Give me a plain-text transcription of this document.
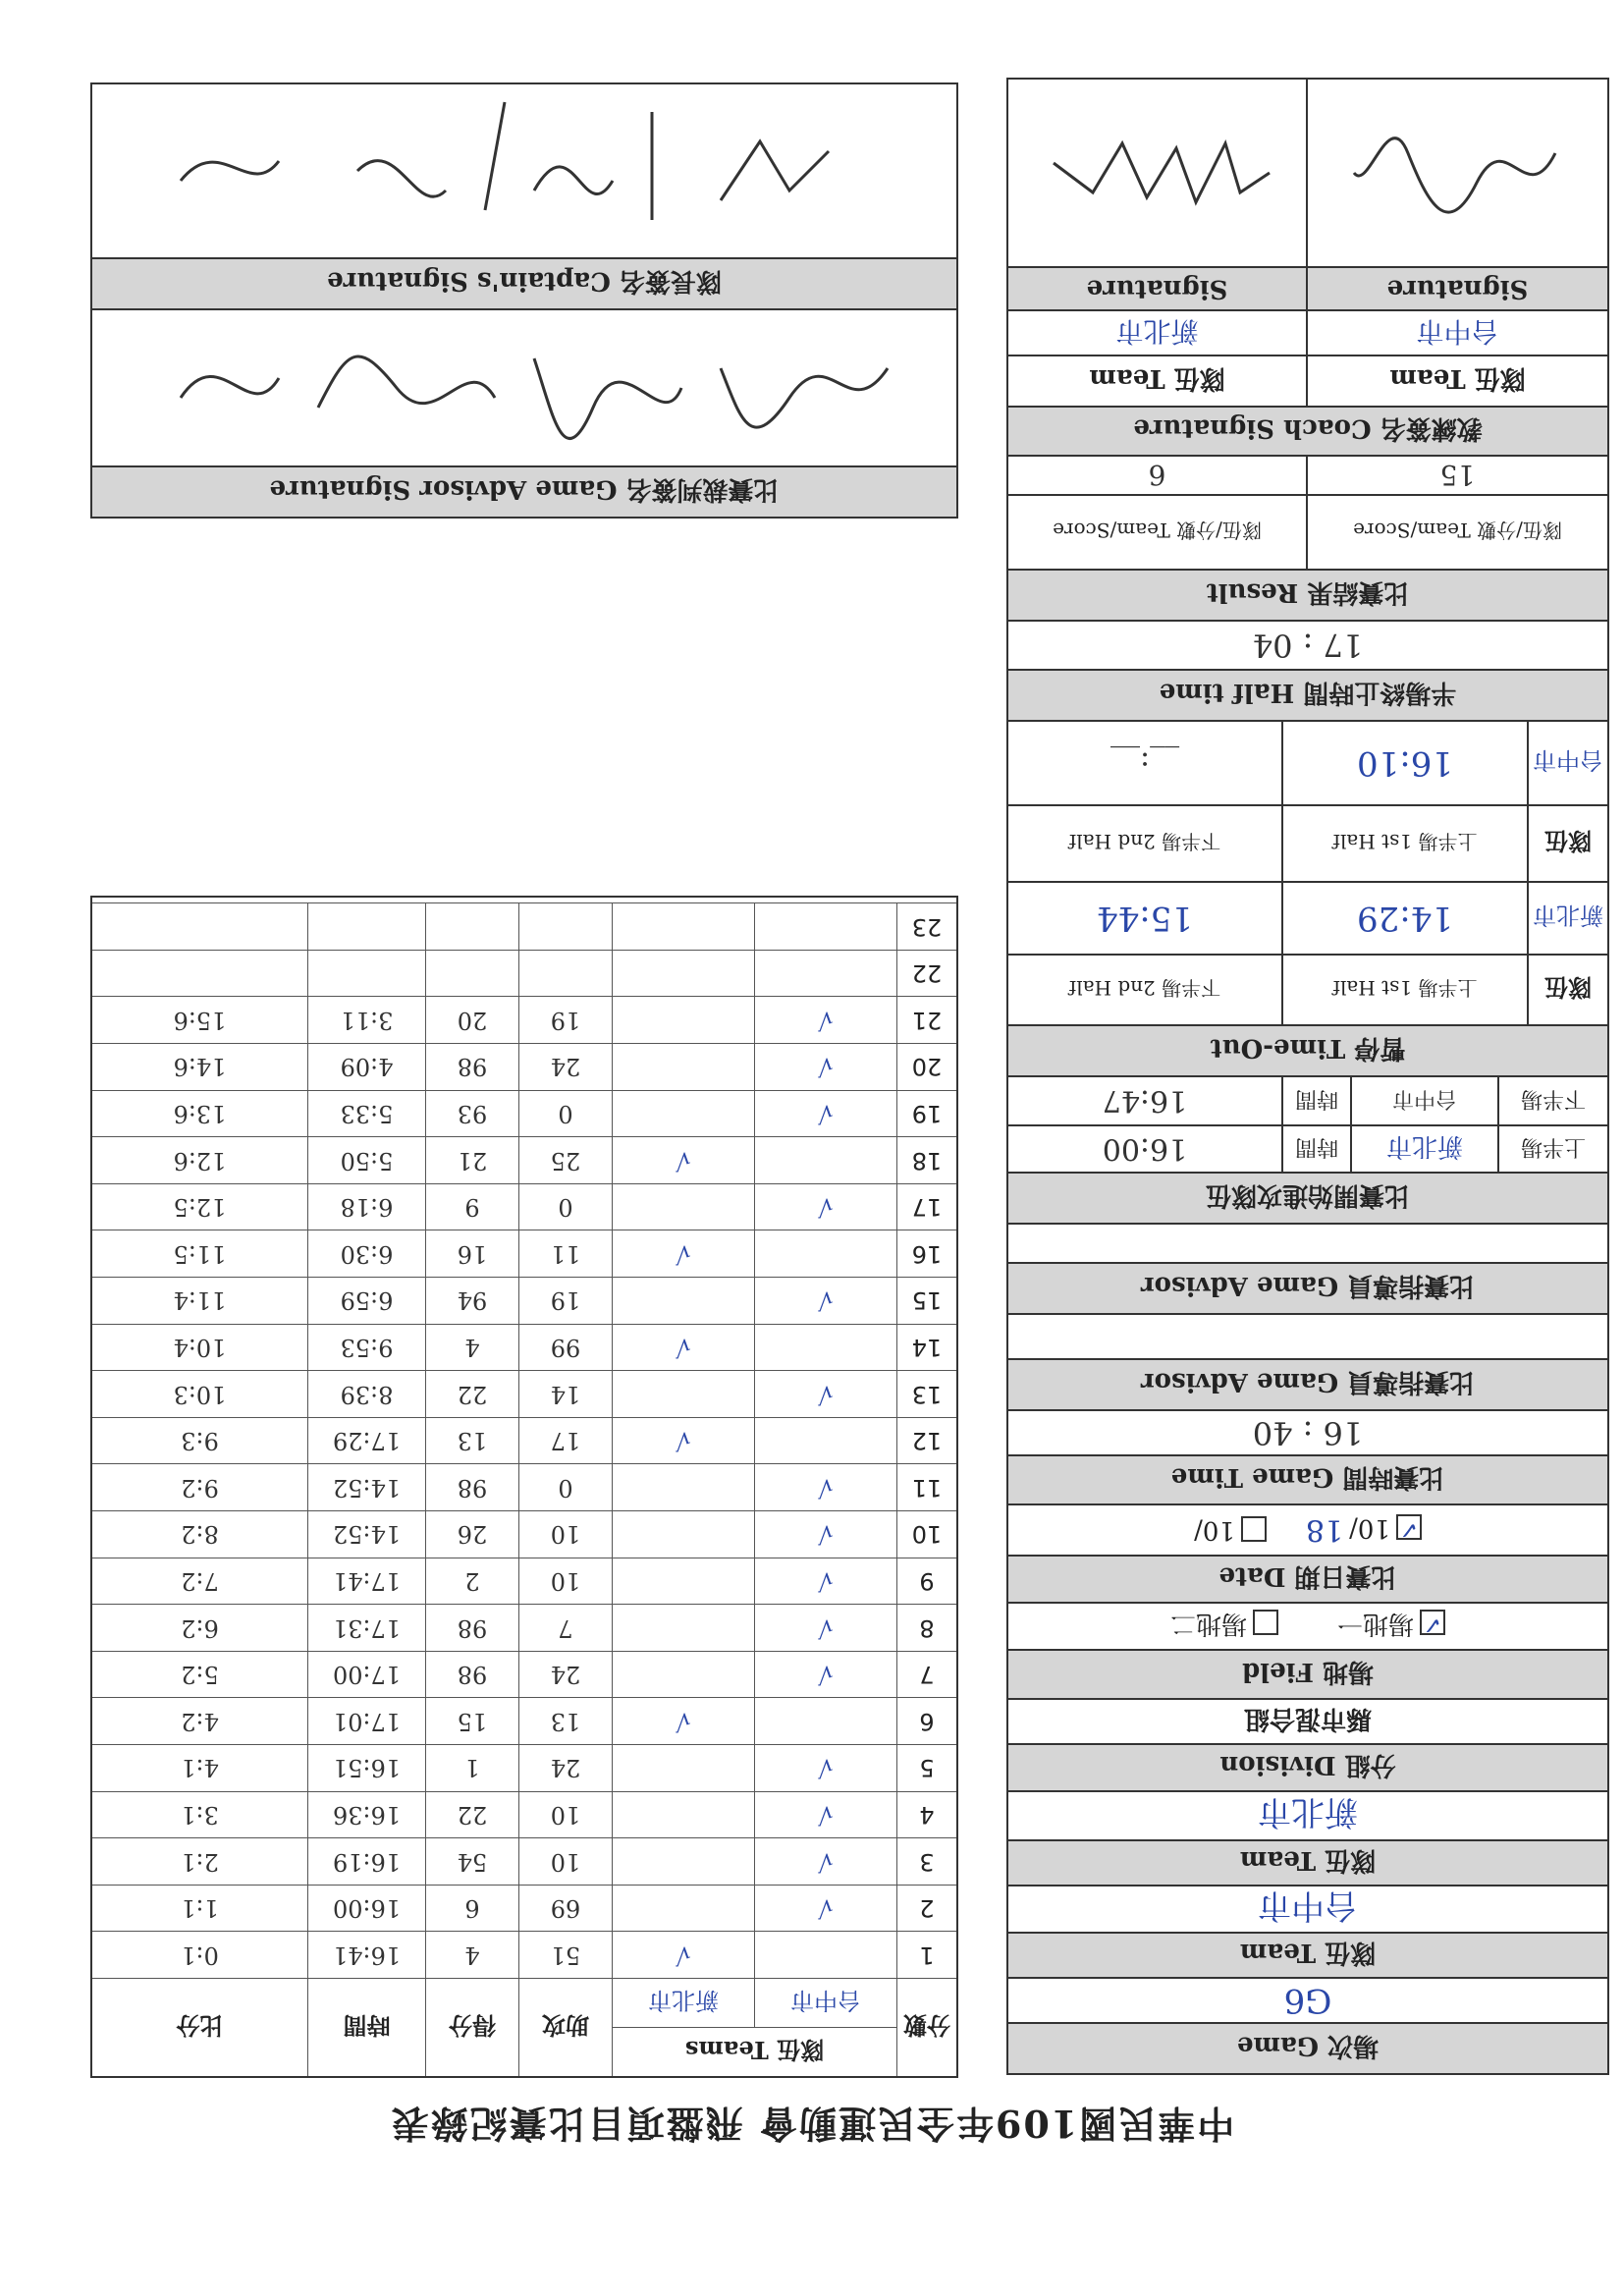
中華民國109年全民運動會 飛盤項目比賽紀錄表
場次 Game
G6
隊伍 Team
台中市
隊伍 Team
新北市
分組 Division
縣市混合組
場地 Field
✓
場地一
場地二
比賽日期 Date
✓
10/18
10/
比賽時間 Game Time
16 : 40
比賽指導員 Game Advisor
比賽指導員 Game Advisor
比賽開始進攻隊伍
上半場
新北市
時間
16:00
下半場
台中市
時間
16:47
暫停 Time-Out
隊伍
上半場 1st Half
下半場 2nd Half
新北市
14:29
15:44
隊伍
上半場 1st Half
下半場 2nd Half
台中市
16:10
__:__
半場終止時間 Half time
17 : 04
比賽結果 Result
隊伍/分數 Team/Score
隊伍/分數 Team/Score
15
6
教練簽名 Coach Signature
隊伍 Team
隊伍 Team
台中市
新北市
Signature
Signature
分數
隊伍 Teams
台中市
新北市
助攻
得分
時間
比分
1
√
51
4
16:41
0:1
2
√
69
6
16:00
1:1
3
√
10
54
16:19
2:1
4
√
10
22
16:36
3:1
5
√
24
1
16:51
4:1
6
√
13
15
17:01
4:2
7
√
24
98
17:00
5:2
8
√
7
98
17:31
6:2
9
√
10
2
17:41
7:2
10
√
10
26
14:52
8:2
11
√
0
98
14:52
9:2
12
√
17
13
17:29
9:3
13
√
14
22
8:39
10:3
14
√
99
4
9:53
10:4
15
√
19
94
6:59
11:4
16
√
11
16
6:30
11:5
17
√
0
9
6:18
12:5
18
√
25
21
5:50
12:6
19
√
0
93
5:33
13:6
20
√
24
98
4:09
14:6
21
√
19
20
3:11
15:6
22
23
比賽裁判簽名 Game Advisor Signature
隊長簽名 Captain's Signature
